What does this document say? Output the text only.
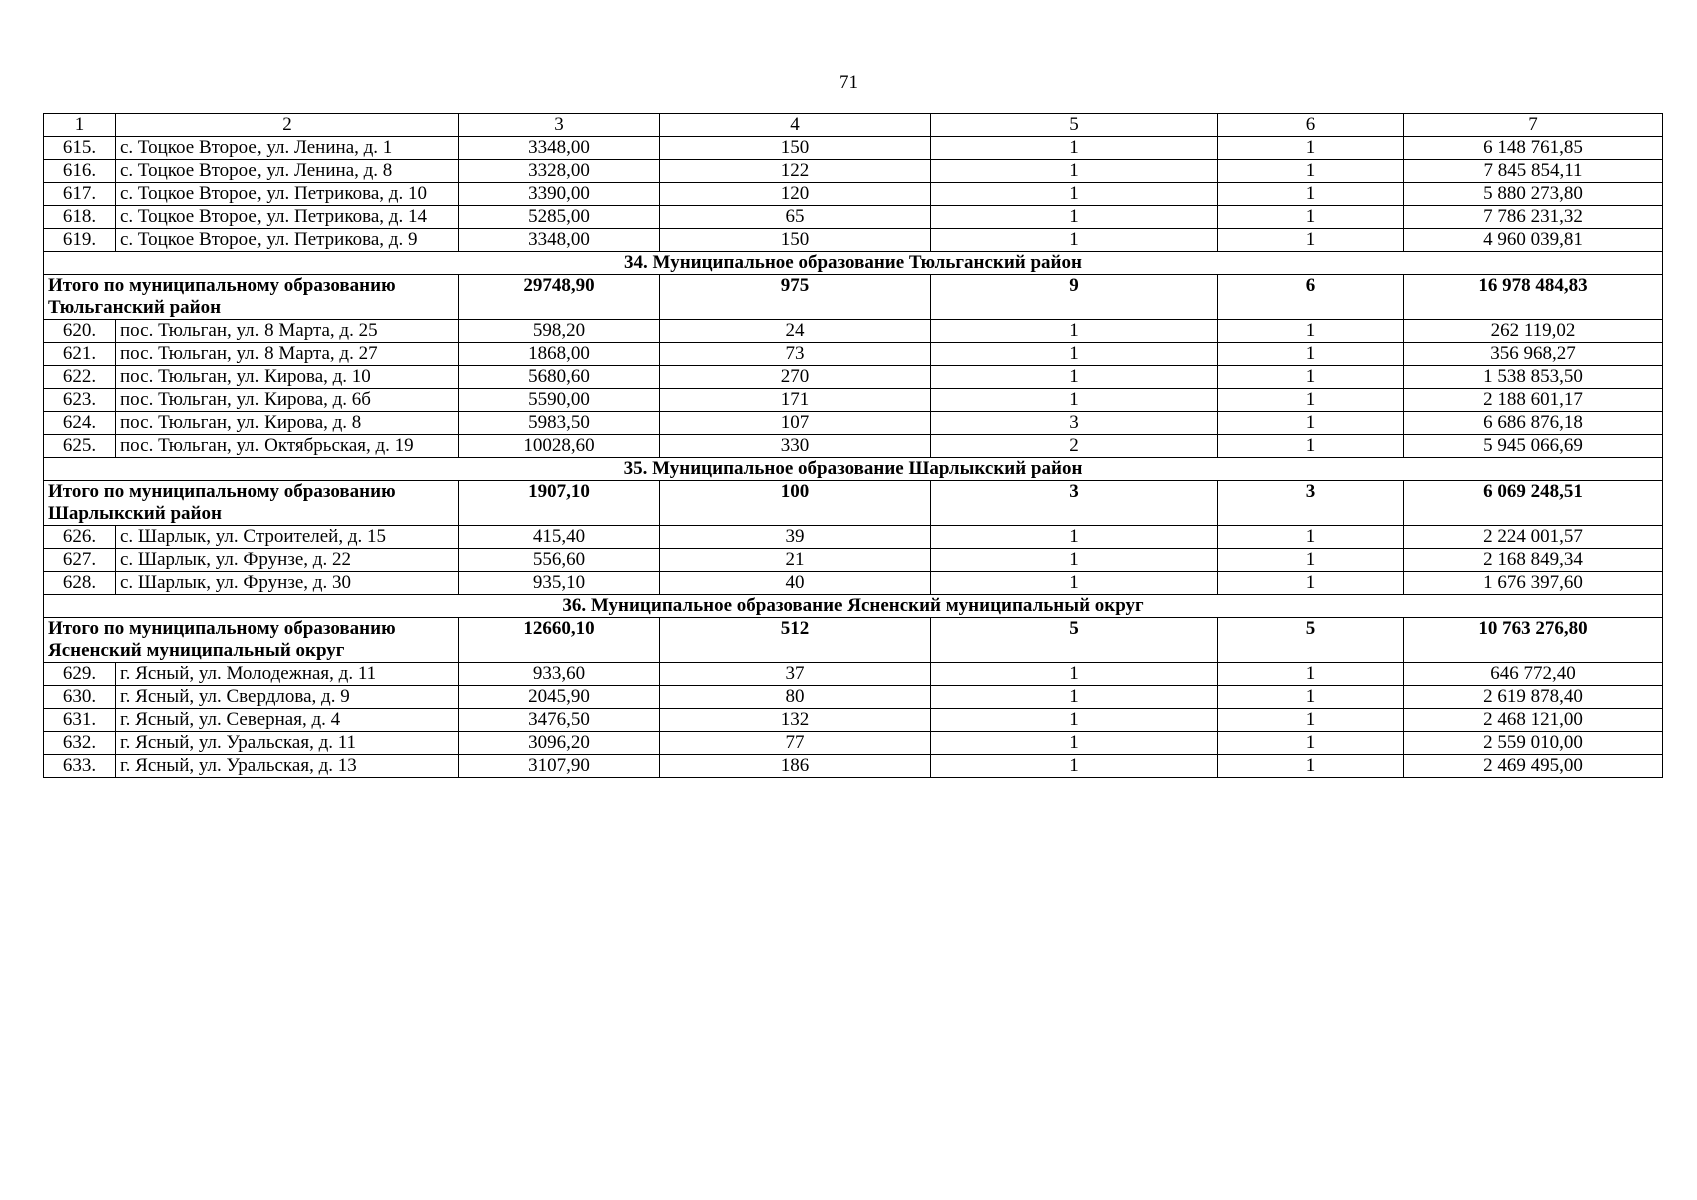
71
1	2	3	4	5	6	7
615.	с. Тоцкое Второе, ул. Ленина, д. 1	3348,00	150	1	1	6 148 761,85
616.	с. Тоцкое Второе, ул. Ленина, д. 8	3328,00	122	1	1	7 845 854,11
617.	с. Тоцкое Второе, ул. Петрикова, д. 10	3390,00	120	1	1	5 880 273,80
618.	с. Тоцкое Второе, ул. Петрикова, д. 14	5285,00	65	1	1	7 786 231,32
619.	с. Тоцкое Второе, ул. Петрикова, д. 9	3348,00	150	1	1	4 960 039,81
34. Муниципальное образование Тюльганский район						
Итого по муниципальному образованию Тюльганский район		29748,90	975	9	6	16 978 484,83
620.	пос. Тюльган, ул. 8 Марта, д. 25	598,20	24	1	1	262 119,02
621.	пос. Тюльган, ул. 8 Марта, д. 27	1868,00	73	1	1	356 968,27
622.	пос. Тюльган, ул. Кирова, д. 10	5680,60	270	1	1	1 538 853,50
623.	пос. Тюльган, ул. Кирова, д. 6б	5590,00	171	1	1	2 188 601,17
624.	пос. Тюльган, ул. Кирова, д. 8	5983,50	107	3	1	6 686 876,18
625.	пос. Тюльган, ул. Октябрьская, д. 19	10028,60	330	2	1	5 945 066,69
35. Муниципальное образование Шарлыкский район						
Итого по муниципальному образованию Шарлыкский район		1907,10	100	3	3	6 069 248,51
626.	с. Шарлык, ул. Строителей, д. 15	415,40	39	1	1	2 224 001,57
627.	с. Шарлык, ул. Фрунзе, д. 22	556,60	21	1	1	2 168 849,34
628.	с. Шарлык, ул. Фрунзе, д. 30	935,10	40	1	1	1 676 397,60
36. Муниципальное образование Ясненский муниципальный округ						
Итого по муниципальному образованию Ясненский муниципальный округ		12660,10	512	5	5	10 763 276,80
629.	г. Ясный, ул. Молодежная, д. 11	933,60	37	1	1	646 772,40
630.	г. Ясный, ул. Свердлова, д. 9	2045,90	80	1	1	2 619 878,40
631.	г. Ясный, ул. Северная, д. 4	3476,50	132	1	1	2 468 121,00
632.	г. Ясный, ул. Уральская, д. 11	3096,20	77	1	1	2 559 010,00
633.	г. Ясный, ул. Уральская, д. 13	3107,90	186	1	1	2 469 495,00
